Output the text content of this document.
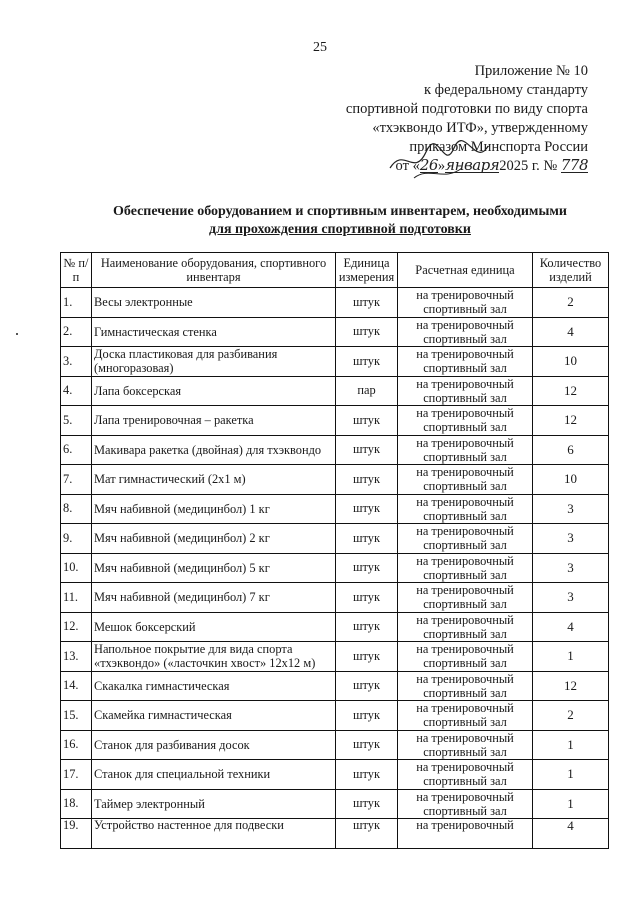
25
Приложение № 10
к федеральному стандарту
спортивной подготовки по виду спорта
«тхэквондо ИТФ», утвержденному
приказом Минспорта России
от «26»января2025 г. № 778
Обеспечение оборудованием и спортивным инвентарем, необходимыми
для прохождения спортивной подготовки
№ п/п	Наименование оборудования, спортивного инвентаря	Единица измерения	Расчетная единица	Количество изделий
1.	Весы электронные	штук	на тренировочный спортивный зал	2
2.	Гимнастическая стенка	штук	на тренировочный спортивный зал	4
3.	Доска пластиковая для разбивания (многоразовая)	штук	на тренировочный спортивный зал	10
4.	Лапа боксерская	пар	на тренировочный спортивный зал	12
5.	Лапа тренировочная – ракетка	штук	на тренировочный спортивный зал	12
6.	Макивара ракетка (двойная) для тхэквондо	штук	на тренировочный спортивный зал	6
7.	Мат гимнастический (2х1 м)	штук	на тренировочный спортивный зал	10
8.	Мяч набивной (медицинбол) 1 кг	штук	на тренировочный спортивный зал	3
9.	Мяч набивной (медицинбол) 2 кг	штук	на тренировочный спортивный зал	3
10.	Мяч набивной (медицинбол) 5 кг	штук	на тренировочный спортивный зал	3
11.	Мяч набивной (медицинбол) 7 кг	штук	на тренировочный спортивный зал	3
12.	Мешок боксерский	штук	на тренировочный спортивный зал	4
13.	Напольное покрытие для вида спорта «тхэквондо» («ласточкин хвост» 12х12 м)	штук	на тренировочный спортивный зал	1
14.	Скакалка гимнастическая	штук	на тренировочный спортивный зал	12
15.	Скамейка гимнастическая	штук	на тренировочный спортивный зал	2
16.	Станок для разбивания досок	штук	на тренировочный спортивный зал	1
17.	Станок для специальной техники	штук	на тренировочный спортивный зал	1
18.	Таймер электронный	штук	на тренировочный спортивный зал	1
19.	Устройство настенное для подвески	штук	на тренировочный	4
